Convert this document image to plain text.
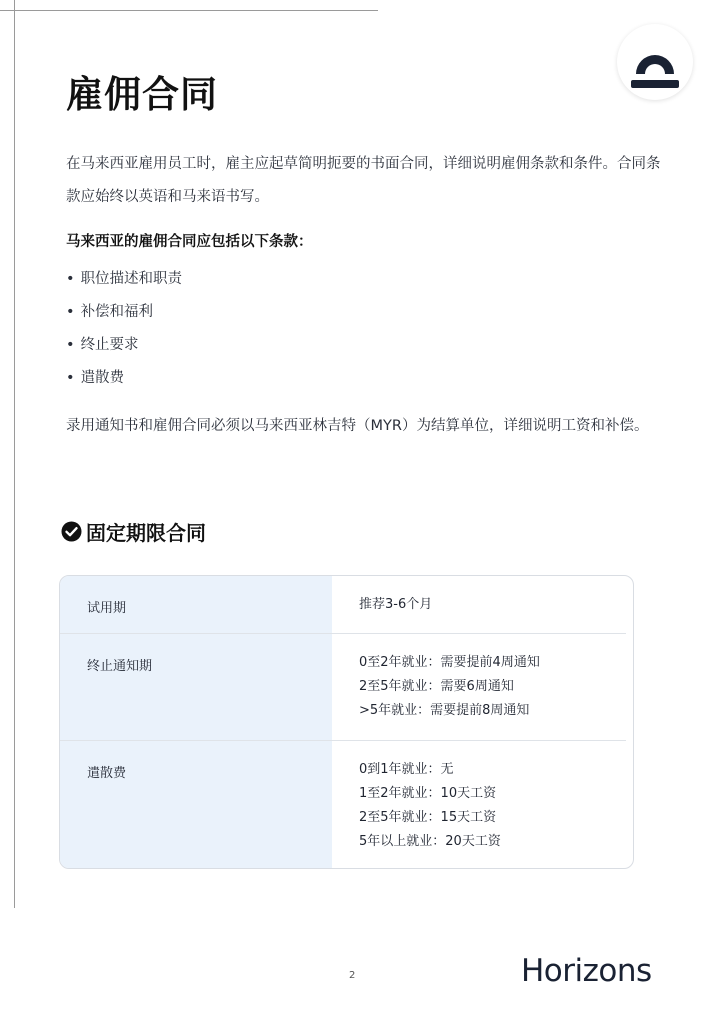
雇佣合同

在马来西亚雇用员工时，雇主应起草简明扼要的书面合同，详细说明雇佣条款和条件。合同条款应始终以英语和马来语书写。

马来西亚的雇佣合同应包括以下条款：

• 职位描述和职责
• 补偿和福利
• 终止要求
• 遣散费

录用通知书和雇佣合同必须以马来西亚林吉特（MYR）为结算单位，详细说明工资和补偿。

固定期限合同
试用期	推荐3-6个月
终止通知期	0至2年就业：需要提前4周通知
2至5年就业：需要6周通知
>5年就业：需要提前8周通知
遣散费	0到1年就业：无
1至2年就业：10天工资
2至5年就业：15天工资
5年以上就业：20天工资
2	Horizons
